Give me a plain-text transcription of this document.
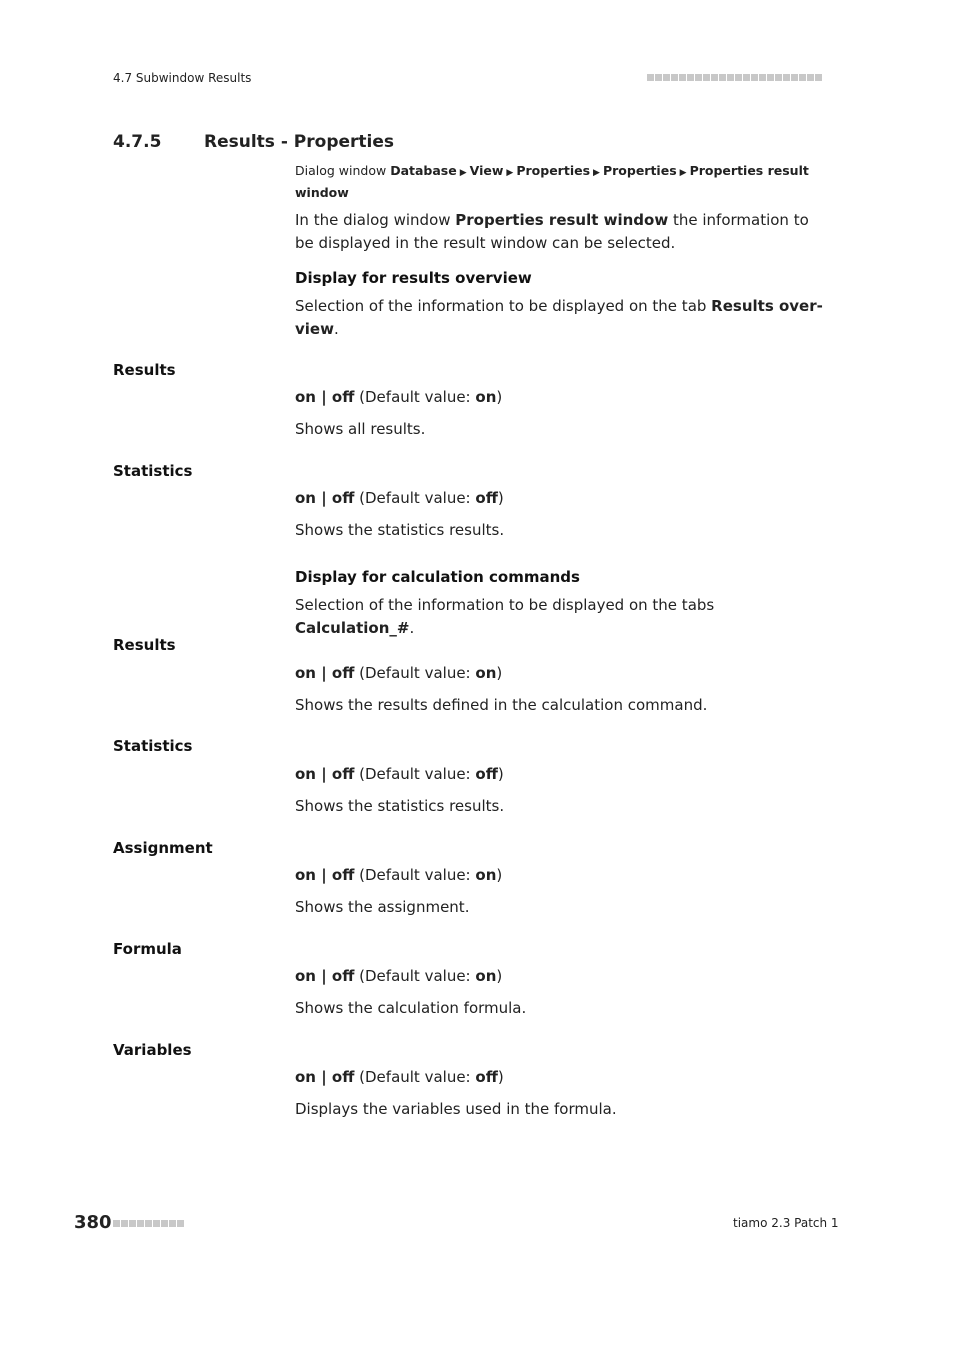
4.7 Subwindow Results
4.7.5	Results - Properties
Dialog window Database ▶ View ▶ Properties ▶ Properties ▶ Properties result window
In the dialog window Properties result window the information to be displayed in the result window can be selected.
Display for results overview
Selection of the information to be displayed on the tab Results over-view.
Results
on | off (Default value: on)
Shows all results.
Statistics
on | off (Default value: off)
Shows the statistics results.
Display for calculation commands
Selection of the information to be displayed on the tabs Calculation_#.
Results
on | off (Default value: on)
Shows the results defined in the calculation command.
Statistics
on | off (Default value: off)
Shows the statistics results.
Assignment
on | off (Default value: on)
Shows the assignment.
Formula
on | off (Default value: on)
Shows the calculation formula.
Variables
on | off (Default value: off)
Displays the variables used in the formula.
380	tiamo 2.3 Patch 1
